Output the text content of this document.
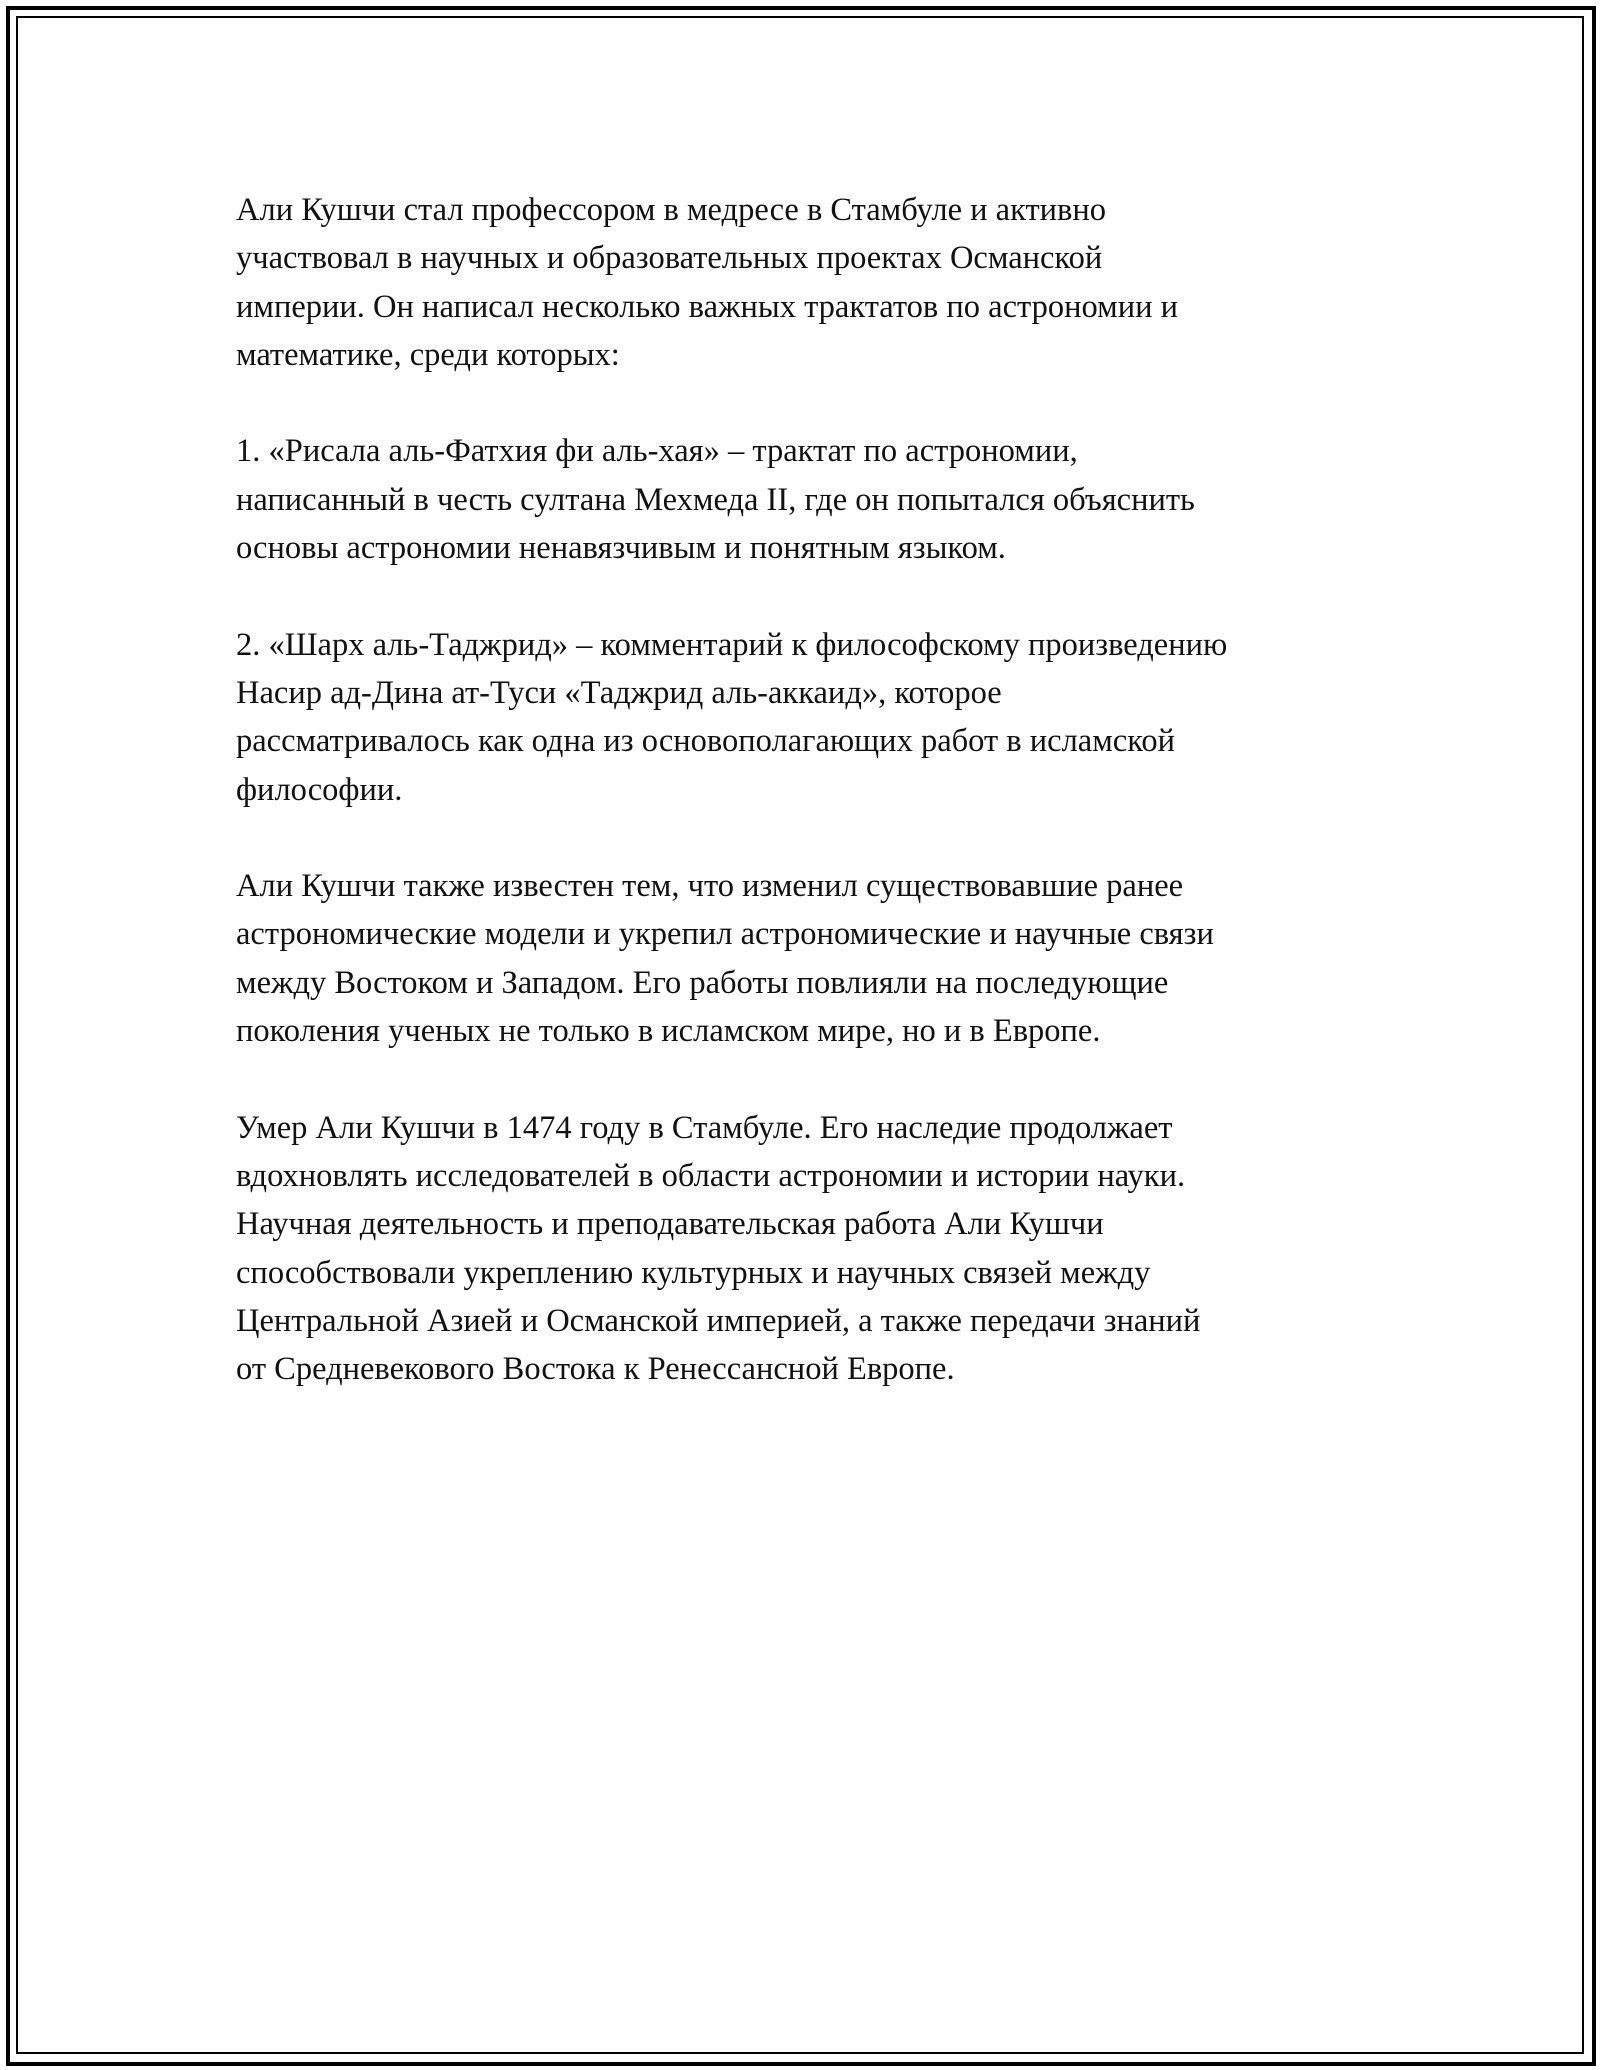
Али Кушчи стал профессором в медресе в Стамбуле и активно
участвовал в научных и образовательных проектах Османской
империи. Он написал несколько важных трактатов по астрономии и
математике, среди которых:

1. «Рисала аль-Фатхия фи аль-хая» – трактат по астрономии,
написанный в честь султана Мехмеда II, где он попытался объяснить
основы астрономии ненавязчивым и понятным языком.

2. «Шарх аль-Таджрид» – комментарий к философскому произведению
Насир ад-Дина ат-Туси «Таджрид аль-аккаид», которое
рассматривалось как одна из основополагающих работ в исламской
философии.

Али Кушчи также известен тем, что изменил существовавшие ранее
астрономические модели и укрепил астрономические и научные связи
между Востоком и Западом. Его работы повлияли на последующие
поколения ученых не только в исламском мире, но и в Европе.

Умер Али Кушчи в 1474 году в Стамбуле. Его наследие продолжает
вдохновлять исследователей в области астрономии и истории науки.
Научная деятельность и преподавательская работа Али Кушчи
способствовали укреплению культурных и научных связей между
Центральной Азией и Османской империей, а также передачи знаний
от Средневекового Востока к Ренессансной Европе.
